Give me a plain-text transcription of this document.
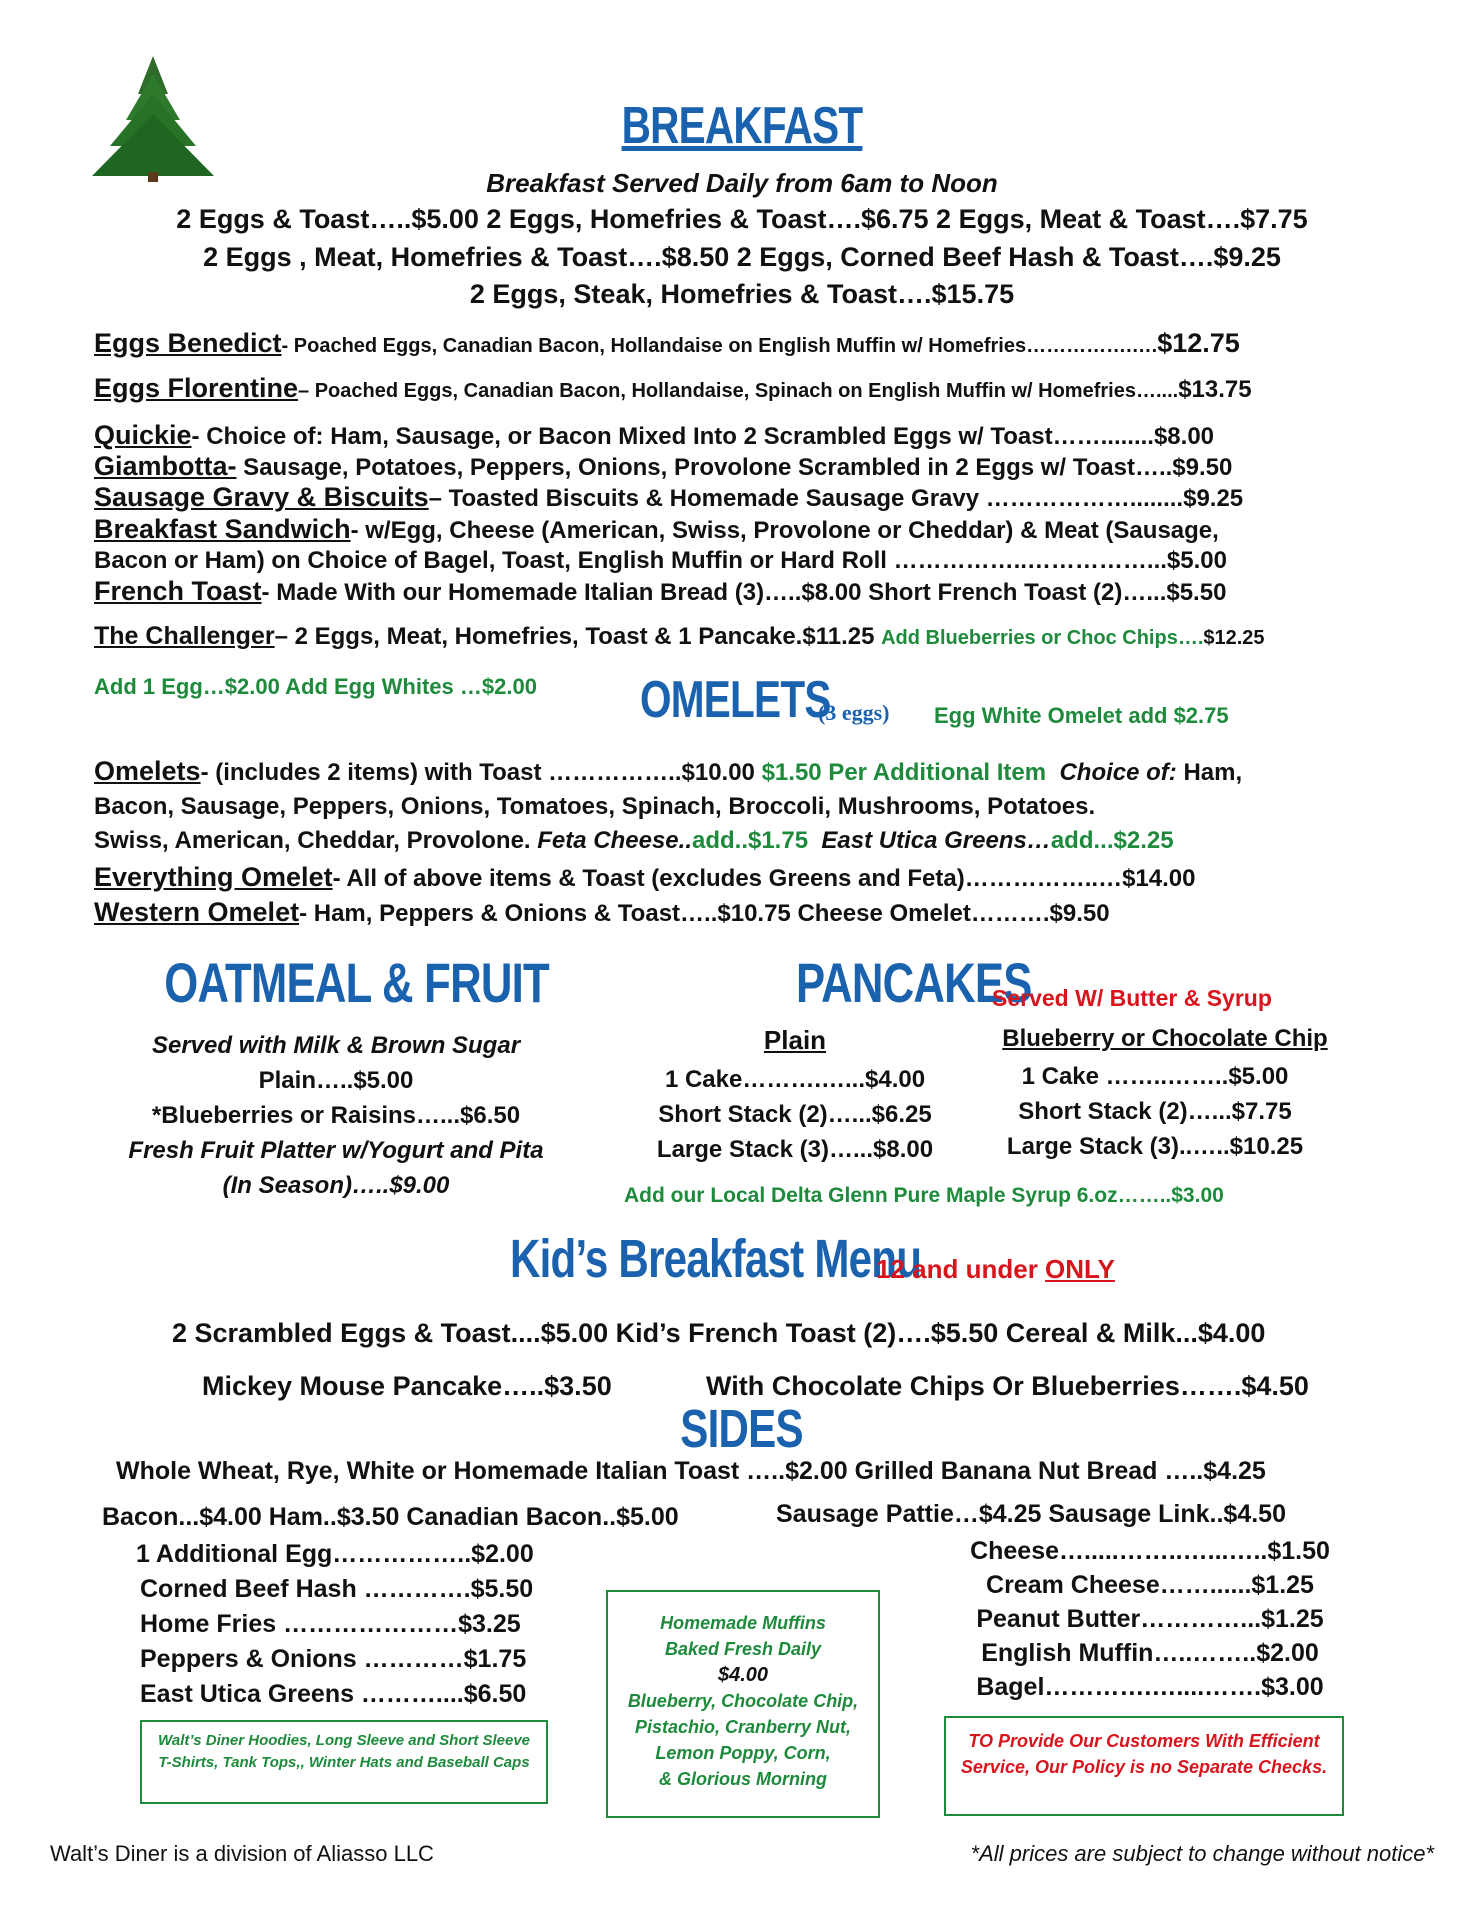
BREAKFAST
Breakfast Served Daily from 6am to Noon
2 Eggs & Toast…..$5.00 2 Eggs, Homefries & Toast….$6.75 2 Eggs, Meat & Toast….$7.75
2 Eggs , Meat, Homefries & Toast….$8.50 2 Eggs, Corned Beef Hash & Toast….$9.25
2 Eggs, Steak, Homefries & Toast….$15.75
Eggs Benedict- Poached Eggs, Canadian Bacon, Hollandaise on English Muffin w/ Homefries…………….….$12.75
Eggs Florentine– Poached Eggs, Canadian Bacon, Hollandaise, Spinach on English Muffin w/ Homefries…....$13.75
Quickie- Choice of: Ham, Sausage, or Bacon Mixed Into 2 Scrambled Eggs w/ Toast……........$8.00
Giambotta- Sausage, Potatoes, Peppers, Onions, Provolone Scrambled in 2 Eggs w/ Toast…..$9.50
Sausage Gravy & Biscuits– Toasted Biscuits & Homemade Sausage Gravy ………………........$9.25
Breakfast Sandwich- w/Egg, Cheese (American, Swiss, Provolone or Cheddar) & Meat (Sausage,
Bacon or Ham) on Choice of Bagel, Toast, English Muffin or Hard Roll ……………..……………...$5.00
French Toast- Made With our Homemade Italian Bread (3)…..$8.00 Short French Toast (2)…...$5.50
The Challenger– 2 Eggs, Meat, Homefries, Toast & 1 Pancake.$11.25 Add Blueberries or Choc Chips….$12.25
Add 1 Egg…$2.00 Add Egg Whites …$2.00 OMELETS
(3 eggs) Egg White Omelet add $2.75
Omelets- (includes 2 items) with Toast ……………..$10.00 $1.50 Per Additional Item Choice of: Ham,
Bacon, Sausage, Peppers, Onions, Tomatoes, Spinach, Broccoli, Mushrooms, Potatoes.
Swiss, American, Cheddar, Provolone. Feta Cheese..add..$1.75 East Utica Greens…add...$2.25
Everything Omelet- All of above items & Toast (excludes Greens and Feta)……………..…$14.00
Western Omelet- Ham, Peppers & Onions & Toast…..$10.75 Cheese Omelet……….$9.50
OATMEAL & FRUIT
Served with Milk & Brown Sugar
Plain…..$5.00
*Blueberries or Raisins…...$6.50
Fresh Fruit Platter w/Yogurt and Pita
(In Season)…..$9.00
PANCAKES
Served W/ Butter & Syrup
Plain
1 Cake……….…...$4.00
Short Stack (2)…...$6.25
Large Stack (3)…...$8.00
Blueberry or Chocolate Chip
1 Cake ……..……..$5.00
Short Stack (2)…...$7.75
Large Stack (3)..…..$10.25
Add our Local Delta Glenn Pure Maple Syrup 6.oz……..$3.00
Kid’s Breakfast Menu
12 and under ONLY
2 Scrambled Eggs & Toast....$5.00 Kid’s French Toast (2)….$5.50 Cereal & Milk...$4.00
Mickey Mouse Pancake…..$3.50	With Chocolate Chips Or Blueberries…….$4.50
SIDES
Whole Wheat, Rye, White or Homemade Italian Toast …..$2.00 Grilled Banana Nut Bread …..$4.25
Bacon...$4.00 Ham..$3.50 Canadian Bacon..$5.00	Sausage Pattie…$4.25 Sausage Link..$4.50
1 Additional Egg……………..$2.00
Corned Beef Hash ………….$5.50
Home Fries …………………$3.25
Peppers & Onions …………$1.75
East Utica Greens ………....$6.50
Cheese….....……..…...…..$1.50
Cream Cheese……......$1.25
Peanut Butter…………...$1.25
English Muffin…..……..$2.00
Bagel………….…....…….$3.00
Walt’s Diner Hoodies, Long Sleeve and Short Sleeve T-Shirts, Tank Tops,, Winter Hats and Baseball Caps
Homemade Muffins
Baked Fresh Daily
$4.00
Blueberry, Chocolate Chip,
Pistachio, Cranberry Nut,
Lemon Poppy, Corn,
& Glorious Morning
TO Provide Our Customers With Efficient Service, Our Policy is no Separate Checks.
Walt’s Diner is a division of Aliasso LLC	*All prices are subject to change without notice*
